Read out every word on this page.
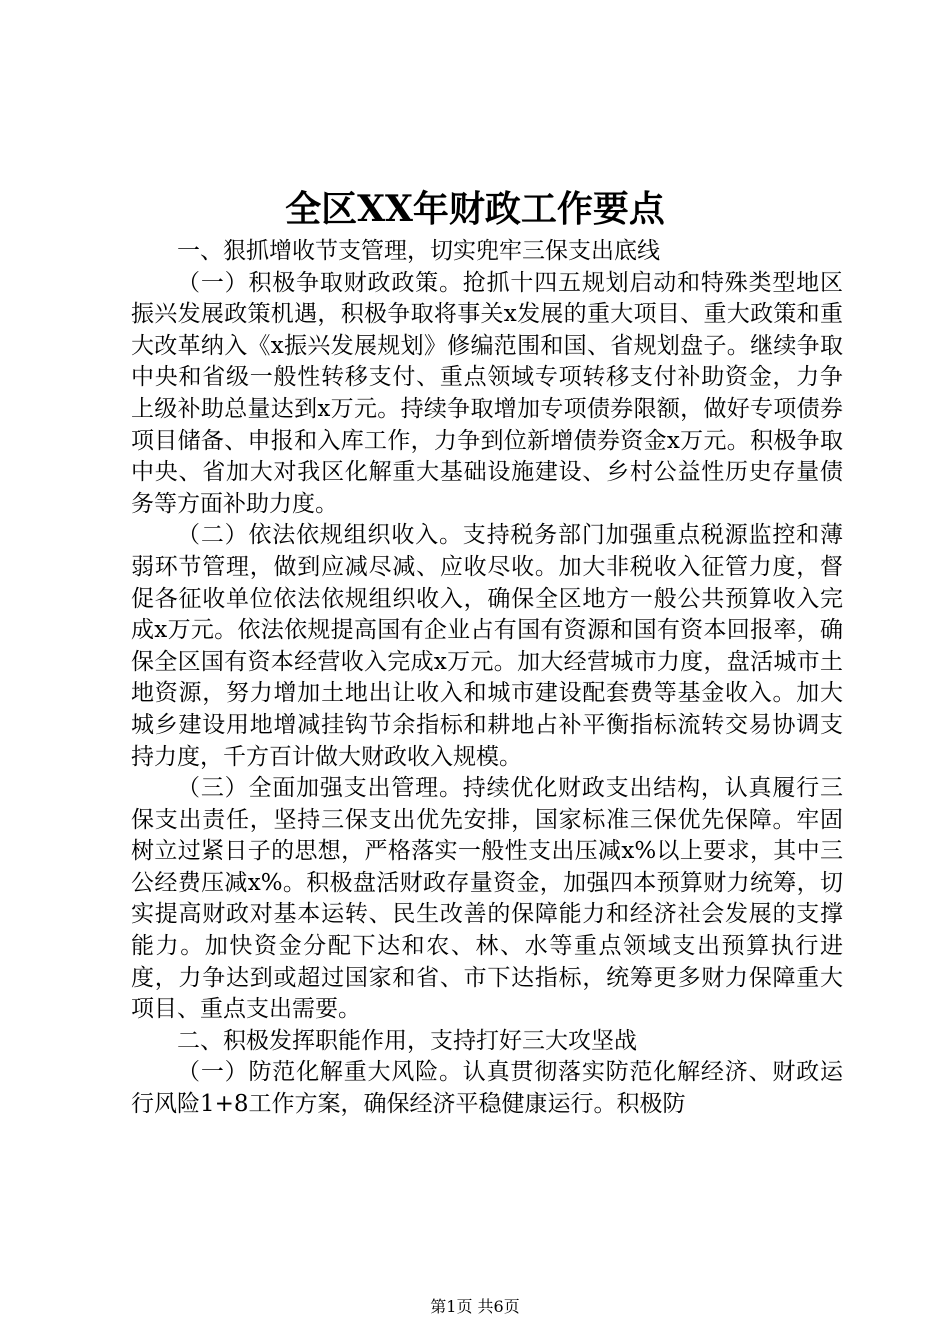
全区XX年财政工作要点

一、狠抓增收节支管理，切实兜牢三保支出底线

（一）积极争取财政政策。抢抓十四五规划启动和特殊类型地区振兴发展政策机遇，积极争取将事关x发展的重大项目、重大政策和重大改革纳入《x振兴发展规划》修编范围和国、省规划盘子。继续争取中央和省级一般性转移支付、重点领域专项转移支付补助资金，力争上级补助总量达到x万元。持续争取增加专项债券限额，做好专项债券项目储备、申报和入库工作，力争到位新增债券资金x万元。积极争取中央、省加大对我区化解重大基础设施建设、乡村公益性历史存量债务等方面补助力度。

（二）依法依规组织收入。支持税务部门加强重点税源监控和薄弱环节管理，做到应减尽减、应收尽收。加大非税收入征管力度，督促各征收单位依法依规组织收入，确保全区地方一般公共预算收入完成x万元。依法依规提高国有企业占有国有资源和国有资本回报率，确保全区国有资本经营收入完成x万元。加大经营城市力度，盘活城市土地资源，努力增加土地出让收入和城市建设配套费等基金收入。加大城乡建设用地增减挂钩节余指标和耕地占补平衡指标流转交易协调支持力度，千方百计做大财政收入规模。

（三）全面加强支出管理。持续优化财政支出结构，认真履行三保支出责任，坚持三保支出优先安排，国家标准三保优先保障。牢固树立过紧日子的思想，严格落实一般性支出压减x%以上要求，其中三公经费压减x%。积极盘活财政存量资金，加强四本预算财力统筹，切实提高财政对基本运转、民生改善的保障能力和经济社会发展的支撑能力。加快资金分配下达和农、林、水等重点领域支出预算执行进度，力争达到或超过国家和省、市下达指标，统筹更多财力保障重大项目、重点支出需要。

二、积极发挥职能作用，支持打好三大攻坚战

（一）防范化解重大风险。认真贯彻落实防范化解经济、财政运行风险1+8工作方案，确保经济平稳健康运行。积极防

第1页 共6页
